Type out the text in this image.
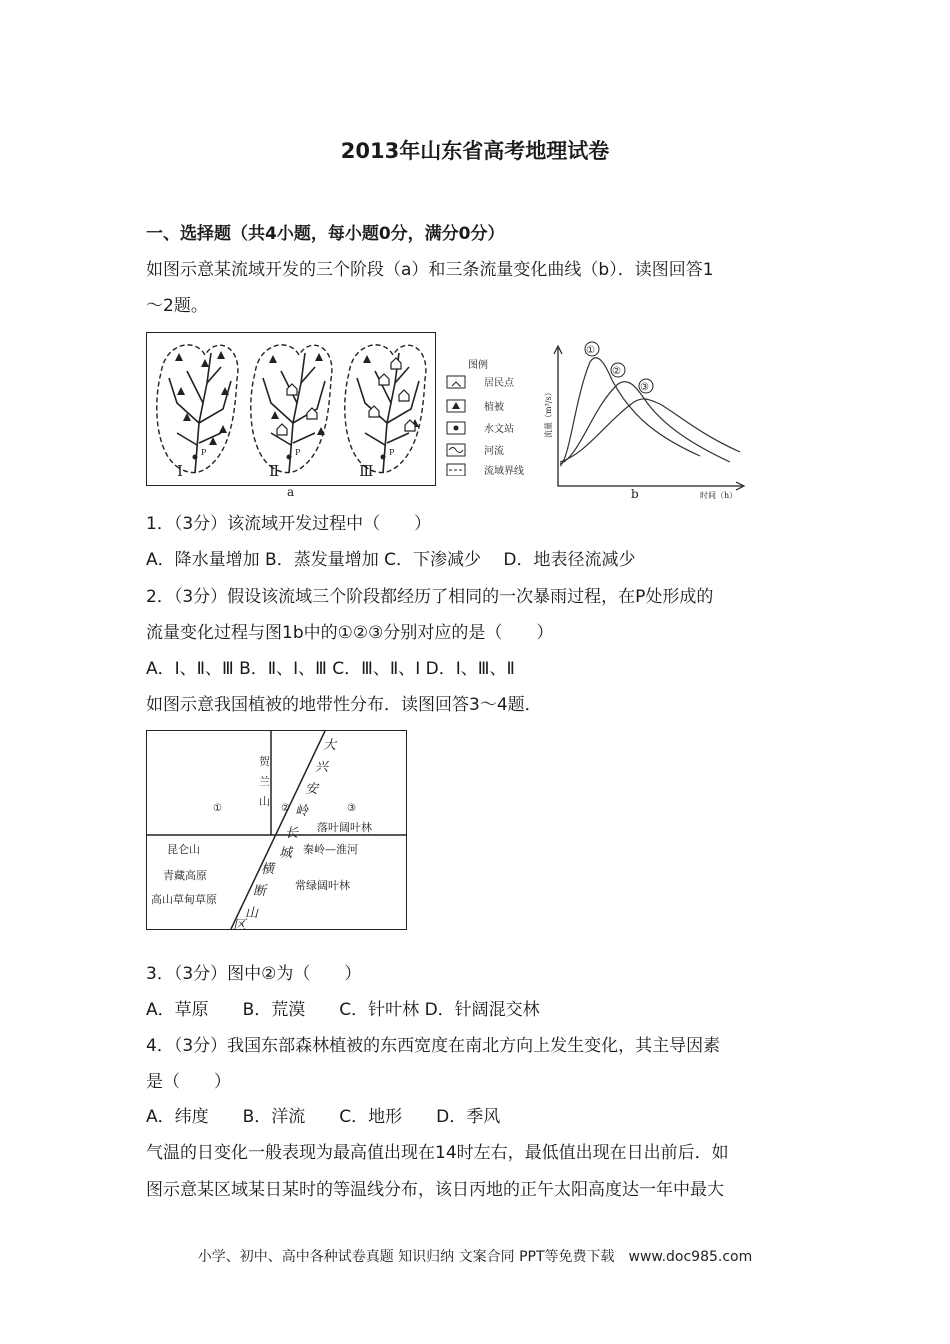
2013年山东省高考地理试卷
一、选择题（共4小题，每小题0分，满分0分）
如图示意某流域开发的三个阶段（a）和三条流量变化曲线（b）．读图回答1
～2题。
Ⅰ	Ⅱ	Ⅲ
P	P	P
a
图例
居民点
植被
水文站
河流
流域界线
流量（m³/s）
时间（h）
①
②
③
b
1．（3分）该流域开发过程中（　　）
A．降水量增加 B．蒸发量增加 C．下渗减少　 D．地表径流减少
2．（3分）假设该流域三个阶段都经历了相同的一次暴雨过程，在P处形成的
流量变化过程与图1b中的①②③分别对应的是（　　）
A．Ⅰ、Ⅱ、Ⅲ B．Ⅱ、Ⅰ、Ⅲ C．Ⅲ、Ⅱ、Ⅰ D．Ⅰ、Ⅲ、Ⅱ
如图示意我国植被的地带性分布．读图回答3～4题．
①	②	③
贺
兰
山
大
兴
安
岭
长
城
落叶阔叶林
昆仑山
青藏高原
高山草甸草原
横
断
山
区
秦岭—淮河
常绿阔叶林
3．（3分）图中②为（　　）
A．草原　　B．荒漠　　C．针叶林 D．针阔混交林
4．（3分）我国东部森林植被的东西宽度在南北方向上发生变化，其主导因素
是（　　）
A．纬度　　B．洋流　　C．地形　　D．季风
气温的日变化一般表现为最高值出现在14时左右，最低值出现在日出前后．如
图示意某区域某日某时的等温线分布，该日丙地的正午太阳高度达一年中最大
小学、初中、高中各种试卷真题 知识归纳 文案合同 PPT等免费下载　www.doc985.com
